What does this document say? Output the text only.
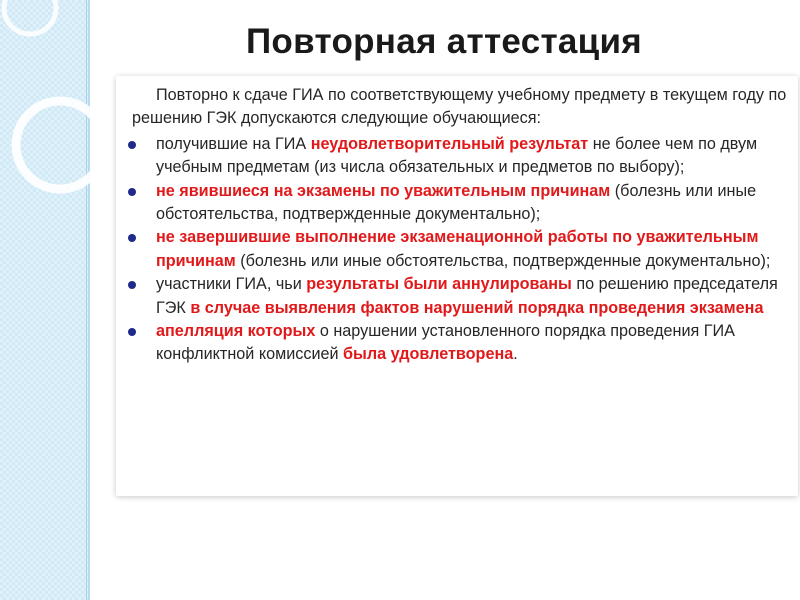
Повторная аттестация

Повторно к сдаче ГИА по соответствующему учебному предмету в текущем году по решению ГЭК допускаются следующие обучающиеся:

получившие на ГИА неудовлетворительный результат не более чем по двум учебным предметам (из числа обязательных и предметов по выбору);

не явившиеся на экзамены по уважительным причинам (болезнь или иные обстоятельства, подтвержденные документально);

не завершившие выполнение экзаменационной работы по уважительным причинам (болезнь или иные обстоятельства, подтвержденные документально);

участники ГИА, чьи результаты были аннулированы по решению председателя ГЭК в случае выявления фактов нарушений порядка проведения экзамена

апелляция которых о нарушении установленного порядка проведения ГИА конфликтной комиссией была удовлетворена.
